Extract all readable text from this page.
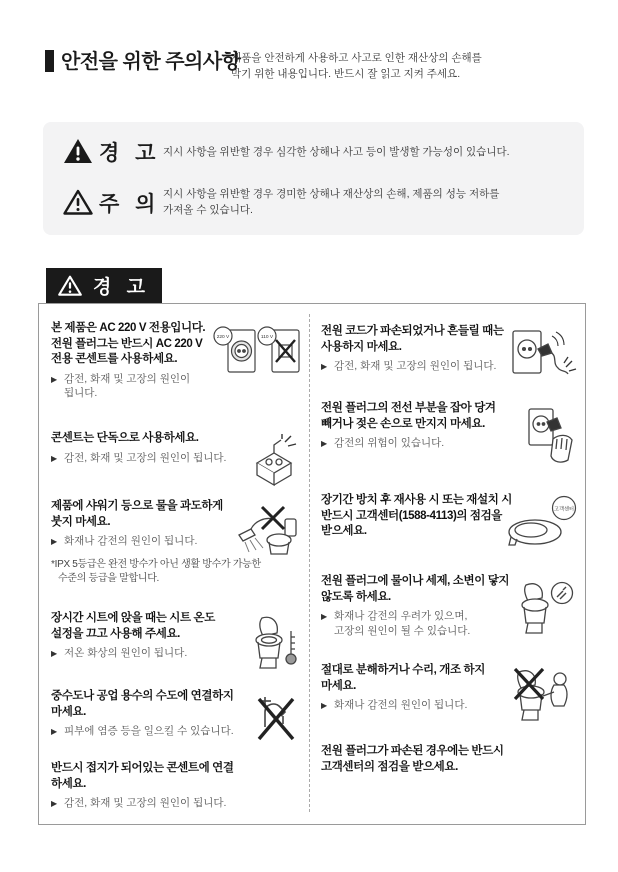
안전을 위한 주의사항
제품을 안전하게 사용하고 사고로 인한 재산상의 손해를
막기 위한 내용입니다. 반드시 잘 읽고 지켜 주세요.
경 고 지시 사항을 위반할 경우 심각한 상해나 사고 등이 발생할 가능성이 있습니다.
주 의 지시 사항을 위반할 경우 경미한 상해나 재산상의 손해, 제품의 성능 저하를
가져올 수 있습니다.
경 고
본 제품은 AC 220 V 전용입니다.
전원 플러그는 반드시 AC 220 V
전용 콘센트를 사용하세요.
▶ 감전, 화재 및 고장의 원인이
됩니다.
220 V	110 V
콘센트는 단독으로 사용하세요.
▶ 감전, 화재 및 고장의 원인이 됩니다.
제품에 샤워기 등으로 물을 과도하게
붓지 마세요.
▶ 화재나 감전의 원인이 됩니다.
*IPX 5등급은 완전 방수가 아닌 생활 방수가 가능한
수준의 등급을 말합니다.
장시간 시트에 앉을 때는 시트 온도
설정을 끄고 사용해 주세요.
▶ 저온 화상의 원인이 됩니다.
중수도나 공업 용수의 수도에 연결하지
마세요.
▶ 피부에 염증 등을 일으킬 수 있습니다.
반드시 접지가 되어있는 콘센트에 연결
하세요.
▶ 감전, 화재 및 고장의 원인이 됩니다.
전원 코드가 파손되었거나 흔들릴 때는
사용하지 마세요.
▶ 감전, 화재 및 고장의 원인이 됩니다.
전원 플러그의 전선 부분을 잡아 당겨
빼거나 젖은 손으로 만지지 마세요.
▶ 감전의 위험이 있습니다.
장기간 방치 후 재사용 시 또는 재설치 시
반드시 고객센터(1588-4113)의 점검을
받으세요.
고객센터
전원 플러그에 물이나 세제, 소변이 닿지
않도록 하세요.
▶ 화재나 감전의 우려가 있으며,
고장의 원인이 될 수 있습니다.
절대로 분해하거나 수리, 개조 하지
마세요.
▶ 화재나 감전의 원인이 됩니다.
전원 플러그가 파손된 경우에는 반드시
고객센터의 점검을 받으세요.
